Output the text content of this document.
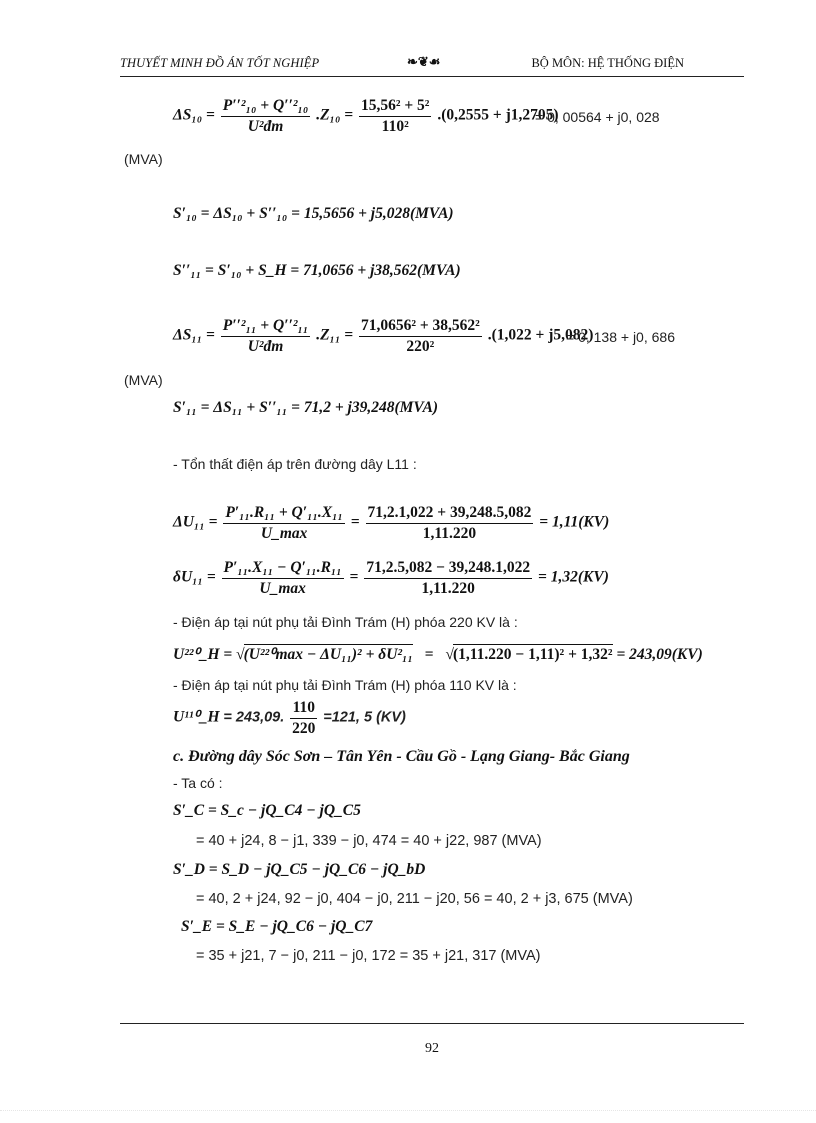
THUYẾT MINH ĐỒ ÁN TỐT NGHIỆP	❧❦☙	BỘ MÔN: HỆ THỐNG ĐIỆN
$\Delta S_{10} = \frac{\text{P′′²₁₀ + Q′′²₁₀}}{\text{U²đm}} .Z_{10} = \frac{\text{15,56² + 5²}}{\text{110²}} .(0,2555 + j1,2705)$
= 0, 00564 + j0, 028
(MVA)
S′₁₀ = ΔS₁₀ + S′′₁₀ = 15,5656 + j5,028(MVA)
S′′₁₁ = S′₁₀ + S_H = 71,0656 + j38,562(MVA)
$\Delta S_{11} = \frac{\text{P′′²₁₁ + Q′′²₁₁}}{\text{U²đm}} .Z_{11} = \frac{\text{71,0656² + 38,562²}}{\text{220²}} .(1,022 + j5,082)$
= 0, 138 + j0, 686
(MVA)
S′₁₁ = ΔS₁₁ + S′′₁₁ = 71,2 + j39,248(MVA)
- Tổn thất điện áp trên đường dây L11 :
$\Delta U_{11} = \frac{\text{P′₁₁.R₁₁ + Q′₁₁.X₁₁}}{U\_\max} = \frac{71,2.1,022 + 39,248.5,082}{1,11.220} = 1,11(KV)$
$\delta U_{11} = \frac{\text{P′₁₁.X₁₁ − Q′₁₁.R₁₁}}{U\_\max} = \frac{71,2.5,082 - 39,248.1,022}{1,11.220} = 1,32(KV)$
- Điện áp tại nút phụ tải Đình Trám (H) phóa 220 KV là :
U²²⁰_H = √(U²²⁰max − ΔU₁₁)² + δU²₁₁ = √(1,11.220 − 1,11)² + 1,32² = 243,09(KV)
- Điện áp tại nút phụ tải Đình Trám (H) phóa 110 KV là :
U¹¹⁰_H = 243,09. $\frac{110}{220} =121$, 5 (KV)
c. Đường dây Sóc Sơn – Tân Yên - Cầu Gồ - Lạng Giang- Bắc Giang
- Ta có :
S′_C = S_c − jQ_C4 − jQ_C5
= 40 + j24, 8 − j1, 339 − j0, 474 = 40 + j22, 987 (MVA)
S′_D = S_D − jQ_C5 − jQ_C6 − jQ_bD
= 40, 2 + j24, 92 − j0, 404 − j0, 211 − j20, 56 = 40, 2 + j3, 675 (MVA)
S′_E = S_E − jQ_C6 − jQ_C7
= 35 + j21, 7 − j0, 211 − j0, 172 = 35 + j21, 317 (MVA)
92
